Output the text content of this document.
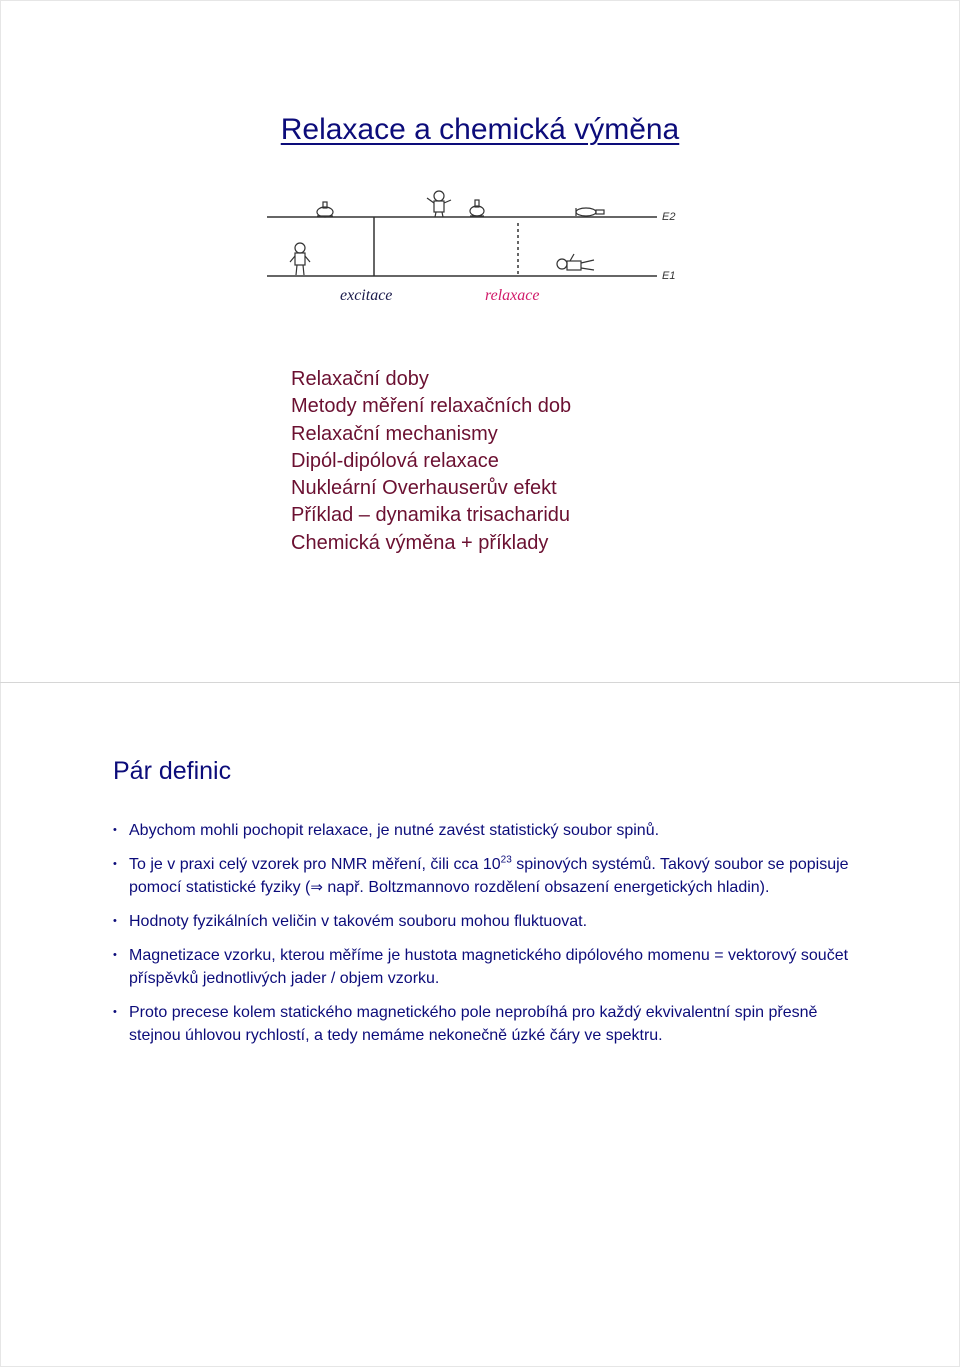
Relaxace a chemická výměna
E2
E1
excitace	relaxace
Relaxační doby
Metody měření relaxačních dob
Relaxační mechanismy
Dipól-dipólová relaxace
Nukleární Overhauserův efekt
Příklad – dynamika trisacharidu
Chemická výměna + příklady
Pár definic
• Abychom mohli pochopit relaxace, je nutné zavést statistický soubor spinů.
• To je v praxi celý vzorek pro NMR měření, čili cca $10^{23}$ spinových systémů. Takový soubor se popisuje pomocí statistické fyziky (⇒ např. Boltzmannovo rozdělení obsazení energetických hladin).
• Hodnoty fyzikálních veličin v takovém souboru mohou fluktuovat.
• Magnetizace vzorku, kterou měříme je hustota magnetického dipólového momenu = vektorový součet příspěvků jednotlivých jader / objem vzorku.
• Proto precese kolem statického magnetického pole neprobíhá pro každý ekvivalentní spin přesně stejnou úhlovou rychlostí, a tedy nemáme nekonečně úzké čáry ve spektru.
